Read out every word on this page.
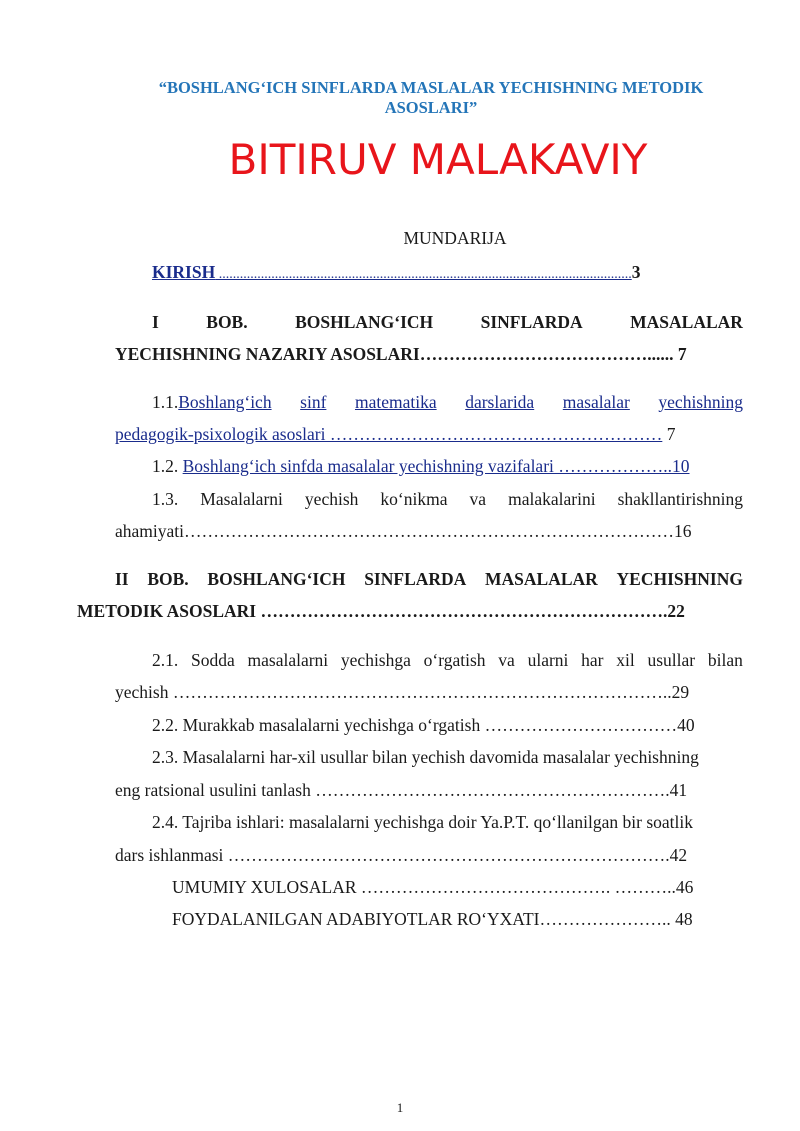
“BOSHLANG‘ICH SINFLARDA MASLALAR YECHISHNING METODIK
ASOSLARI”
BITIRUV MALAKAVIY
MUNDARIJA
KIRISH ......................................................................................................................3
I	BOB.	BOSHLANG‘ICH	SINFLARDA	MASALALAR
YECHISHNING NAZARIY ASOSLARI…………………………………...... 7
1.1.Boshlang‘ich sinf matematika darslarida masalalar yechishning
pedagogik-psixologik asoslari ………………………………………………… 7
1.2. Boshlang‘ich sinfda masalalar yechishning vazifalari ………………..10
1.3. Masalalarni yechish ko‘nikma va malakalarini shakllantirishning
ahamiyati…………………………………………………………………………16
II BOB. BOSHLANG‘ICH SINFLARDA MASALALAR YECHISHNING
METODIK ASOSLARI …………………………………………………………….22
2.1. Sodda masalalarni yechishga o‘rgatish va ularni har xil usullar bilan
yechish …………………………………………………………………………..29
2.2. Murakkab masalalarni yechishga o‘rgatish ……………………………40
2.3. Masalalarni har-xil usullar bilan yechish davomida masalalar yechishning
eng ratsional usulini tanlash …………………………………………………….41
2.4. Tajriba ishlari: masalalarni yechishga doir Ya.P.T. qo‘llanilgan bir soatlik
dars ishlanmasi ………………………………………………………………….42
UMUMIY XULOSALAR ……………………………………. ………..46
FOYDALANILGAN ADABIYOTLAR RO‘YXATI………………….. 48
1
